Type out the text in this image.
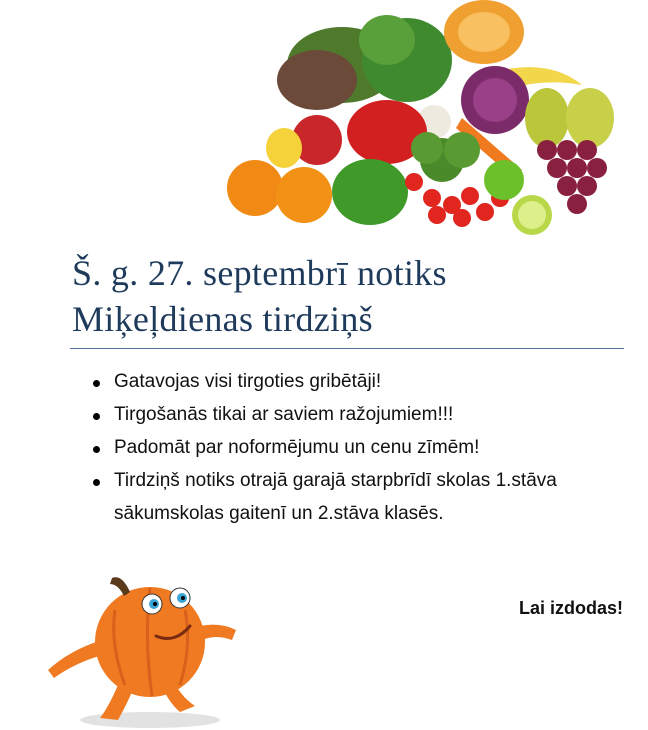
Š. g. 27. septembrī notiks
Miķeļdienas tirdziņš
Gatavojas visi tirgoties gribētāji!
Tirgošanās tikai ar saviem ražojumiem!!!
Padomāt par noformējumu un cenu zīmēm!
Tirdziņš notiks otrajā garajā starpbrīdī skolas 1.stāva sākumskolas gaitenī un 2.stāva klasēs.
Lai izdodas!
